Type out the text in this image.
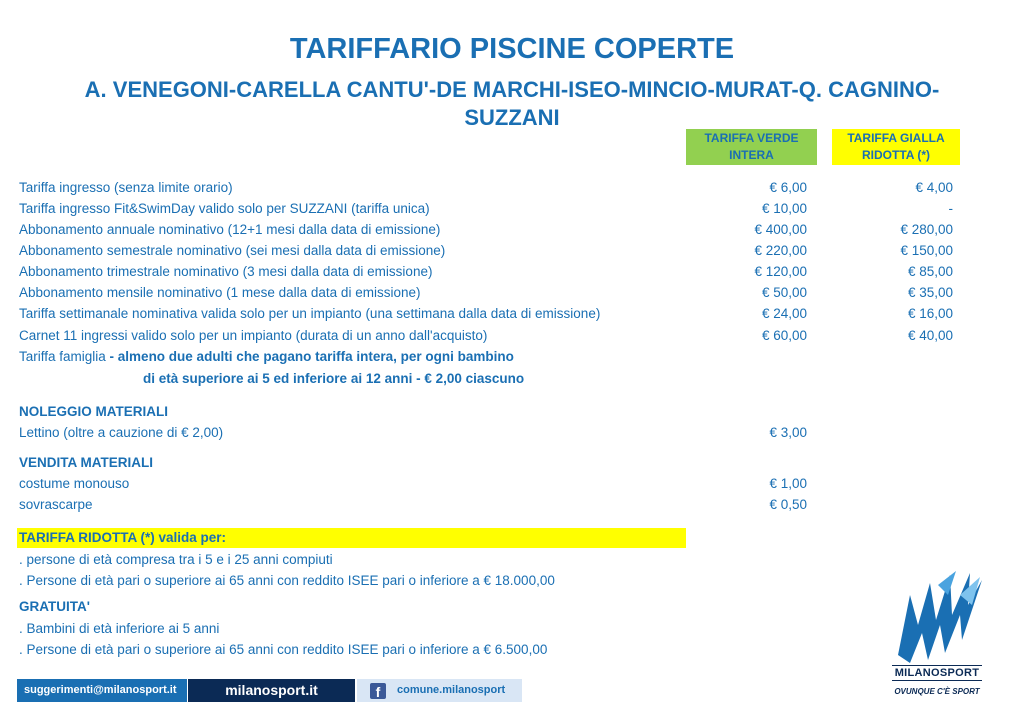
TARIFFARIO PISCINE COPERTE
A. VENEGONI-CARELLA CANTU'-DE MARCHI-ISEO-MINCIO-MURAT-Q. CAGNINO-
SUZZANI
TARIFFA VERDE
INTERA
TARIFFA GIALLA
RIDOTTA (*)
Tariffa ingresso (senza limite orario)	€ 6,00	€ 4,00
Tariffa ingresso Fit&SwimDay valido solo per SUZZANI (tariffa unica)	€ 10,00	-
Abbonamento annuale nominativo (12+1 mesi dalla data di emissione)	€ 400,00	€ 280,00
Abbonamento semestrale nominativo (sei mesi dalla data di emissione)	€ 220,00	€ 150,00
Abbonamento trimestrale nominativo (3 mesi dalla data di emissione)	€ 120,00	€ 85,00
Abbonamento mensile nominativo (1 mese dalla data di emissione)	€ 50,00	€ 35,00
Tariffa settimanale nominativa valida solo per un impianto (una settimana dalla data di emissione)	€ 24,00	€ 16,00
Carnet 11 ingressi valido solo per un impianto (durata di un anno dall'acquisto)	€ 60,00	€ 40,00
Tariffa famiglia - almeno due adulti che pagano tariffa intera, per ogni bambino
di età superiore ai 5 ed inferiore ai 12 anni - € 2,00 ciascuno
NOLEGGIO MATERIALI
Lettino (oltre a cauzione di € 2,00)	€ 3,00
VENDITA MATERIALI
costume monouso	€ 1,00
sovrascarpe	€ 0,50
TARIFFA RIDOTTA (*) valida per:
. persone di età compresa tra i 5 e i 25 anni compiuti
. Persone di età pari o superiore ai 65 anni con reddito ISEE pari o inferiore a € 18.000,00
GRATUITA'
. Bambini di età inferiore ai 5 anni
. Persone di età pari o superiore ai 65 anni con reddito ISEE pari o inferiore a € 6.500,00
suggerimenti@milanosport.it	milanosport.it	f	comune.milanosport
MILANOSPORT
OVUNQUE C'È SPORT
